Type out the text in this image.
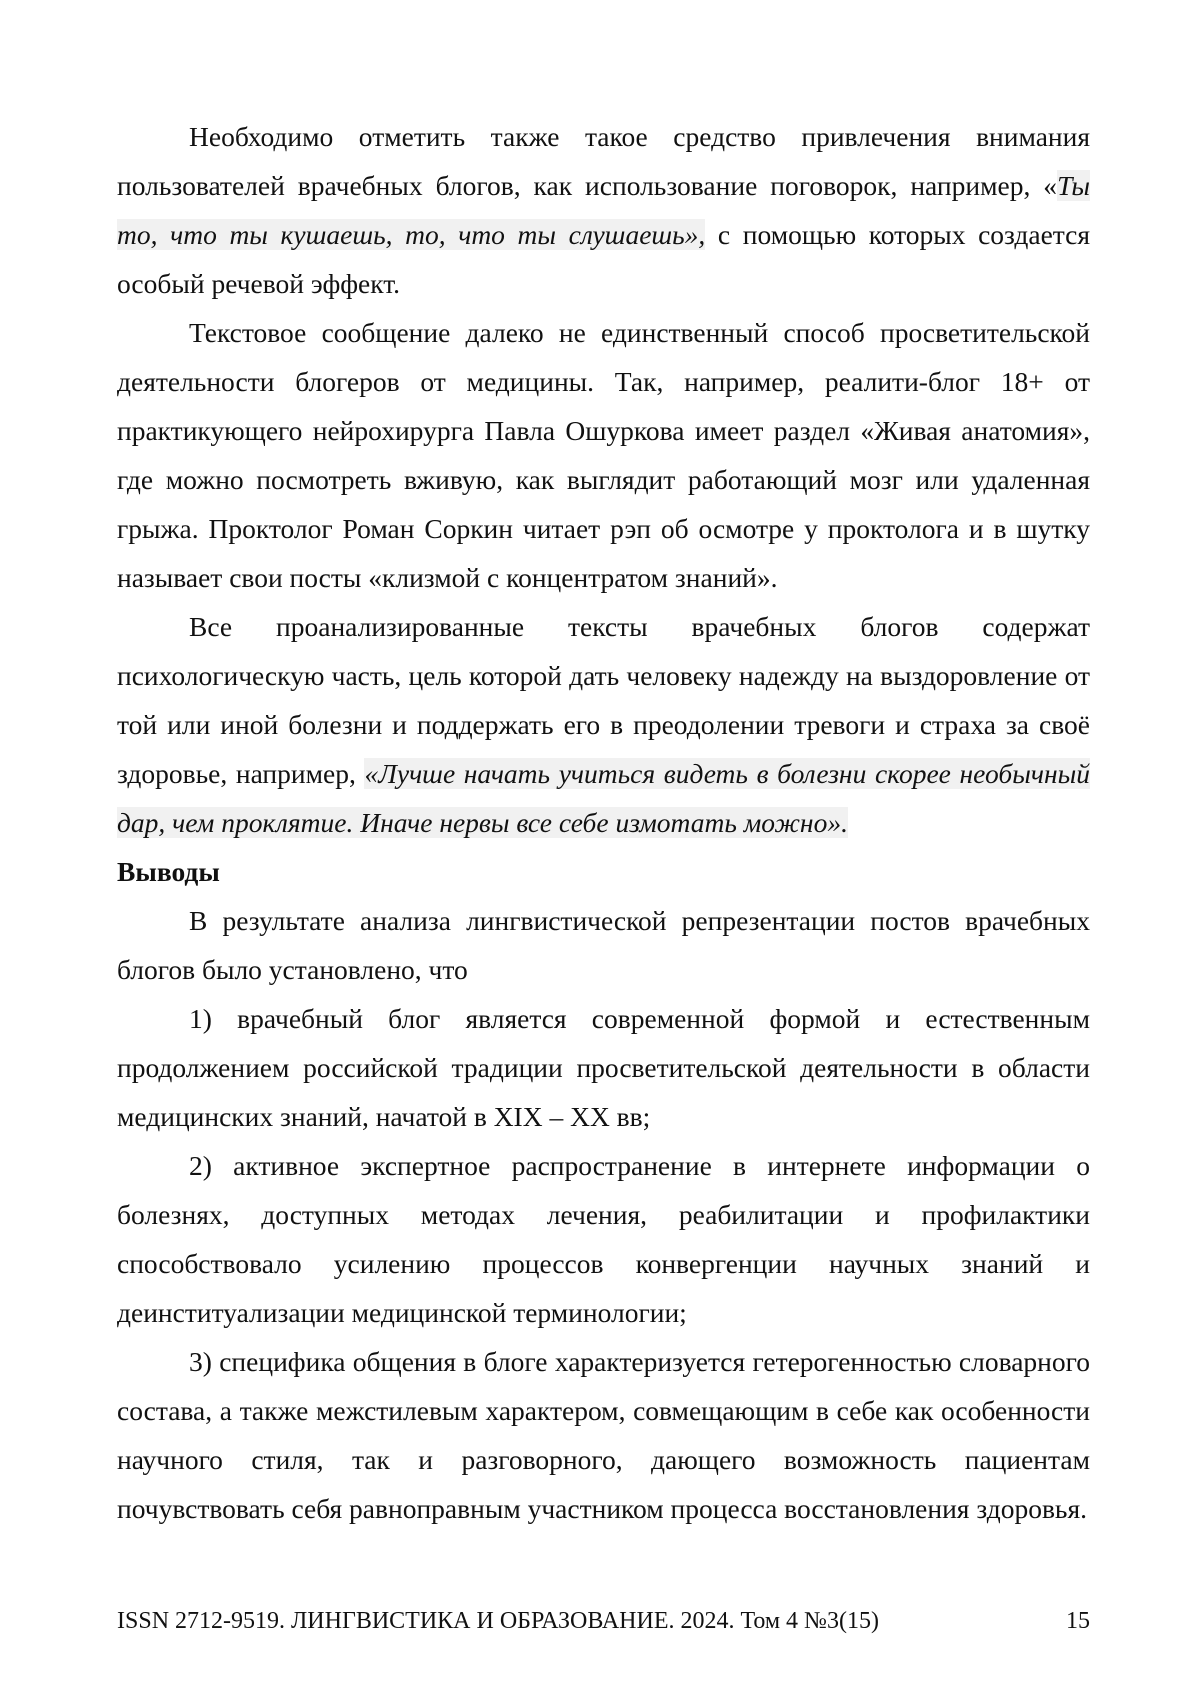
Необходимо отметить также такое средство привлечения внимания пользователей врачебных блогов, как использование поговорок, например, «Ты то, что ты кушаешь, то, что ты слушаешь», с помощью которых создается особый речевой эффект.

Текстовое сообщение далеко не единственный способ просветительской деятельности блогеров от медицины. Так, например, реалити-блог 18+ от практикующего нейрохирурга Павла Ошуркова имеет раздел «Живая анатомия», где можно посмотреть вживую, как выглядит работающий мозг или удаленная грыжа. Проктолог Роман Соркин читает рэп об осмотре у проктолога и в шутку называет свои посты «клизмой с концентратом знаний».

Все проанализированные тексты врачебных блогов содержат психологическую часть, цель которой дать человеку надежду на выздоровление от той или иной болезни и поддержать его в преодолении тревоги и страха за своё здоровье, например, «Лучше начать учиться видеть в болезни скорее необычный дар, чем проклятие. Иначе нервы все себе измотать можно».

Выводы

В результате анализа лингвистической репрезентации постов врачебных блогов было установлено, что

1) врачебный блог является современной формой и естественным продолжением российской традиции просветительской деятельности в области медицинских знаний, начатой в XIX – XX вв;

2) активное экспертное распространение в интернете информации о болезнях, доступных методах лечения, реабилитации и профилактики способствовало усилению процессов конвергенции научных знаний и деинституализации медицинской терминологии;

3) специфика общения в блоге характеризуется гетерогенностью словарного состава, а также межстилевым характером, совмещающим в себе как особенности научного стиля, так и разговорного, дающего возможность пациентам почувствовать себя равноправным участником процесса восстановления здоровья.

ISSN 2712-9519. ЛИНГВИСТИКА И ОБРАЗОВАНИЕ. 2024. Том 4 №3(15)	15
